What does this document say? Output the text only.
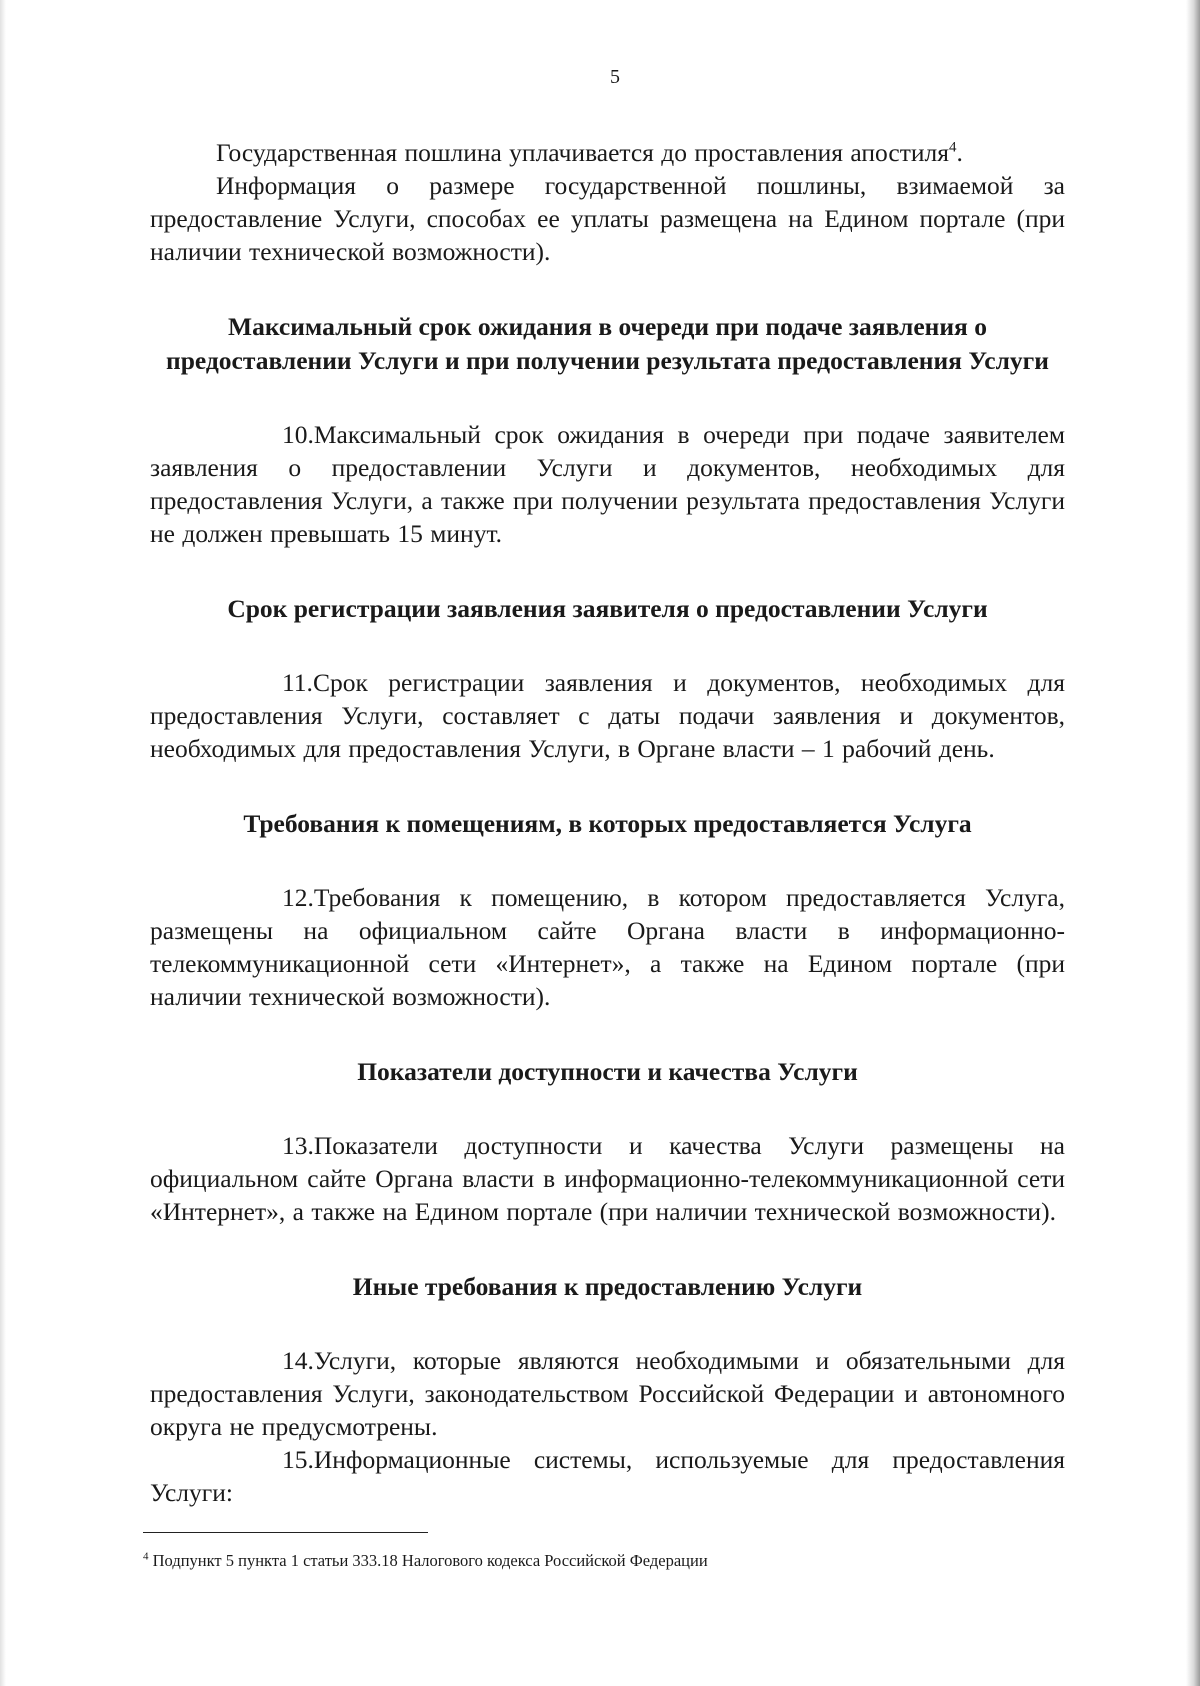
5

Государственная пошлина уплачивается до проставления апостиля$^4$.

Информация о размере государственной пошлины, взимаемой за предоставление Услуги, способах ее уплаты размещена на Едином портале (при наличии технической возможности).

Максимальный срок ожидания в очереди при подаче заявления о предоставлении Услуги и при получении результата предоставления Услуги

10.Максимальный срок ожидания в очереди при подаче заявителем заявления о предоставлении Услуги и документов, необходимых для предоставления Услуги, а также при получении результата предоставления Услуги не должен превышать 15 минут.

Срок регистрации заявления заявителя о предоставлении Услуги

11.Срок регистрации заявления и документов, необходимых для предоставления Услуги, составляет с даты подачи заявления и документов, необходимых для предоставления Услуги, в Органе власти – 1 рабочий день.

Требования к помещениям, в которых предоставляется Услуга

12.Требования к помещению, в котором предоставляется Услуга, размещены на официальном сайте Органа власти в информационно-телекоммуникационной сети «Интернет», а также на Едином портале (при наличии технической возможности).

Показатели доступности и качества Услуги

13.Показатели доступности и качества Услуги размещены на официальном сайте Органа власти в информационно-телекоммуникационной сети «Интернет», а также на Едином портале (при наличии технической возможности).

Иные требования к предоставлению Услуги

14.Услуги, которые являются необходимыми и обязательными для предоставления Услуги, законодательством Российской Федерации и автономного округа не предусмотрены.

15.Информационные системы, используемые для предоставления Услуги:

$^4$ Подпункт 5 пункта 1 статьи 333.18 Налогового кодекса Российской Федерации
